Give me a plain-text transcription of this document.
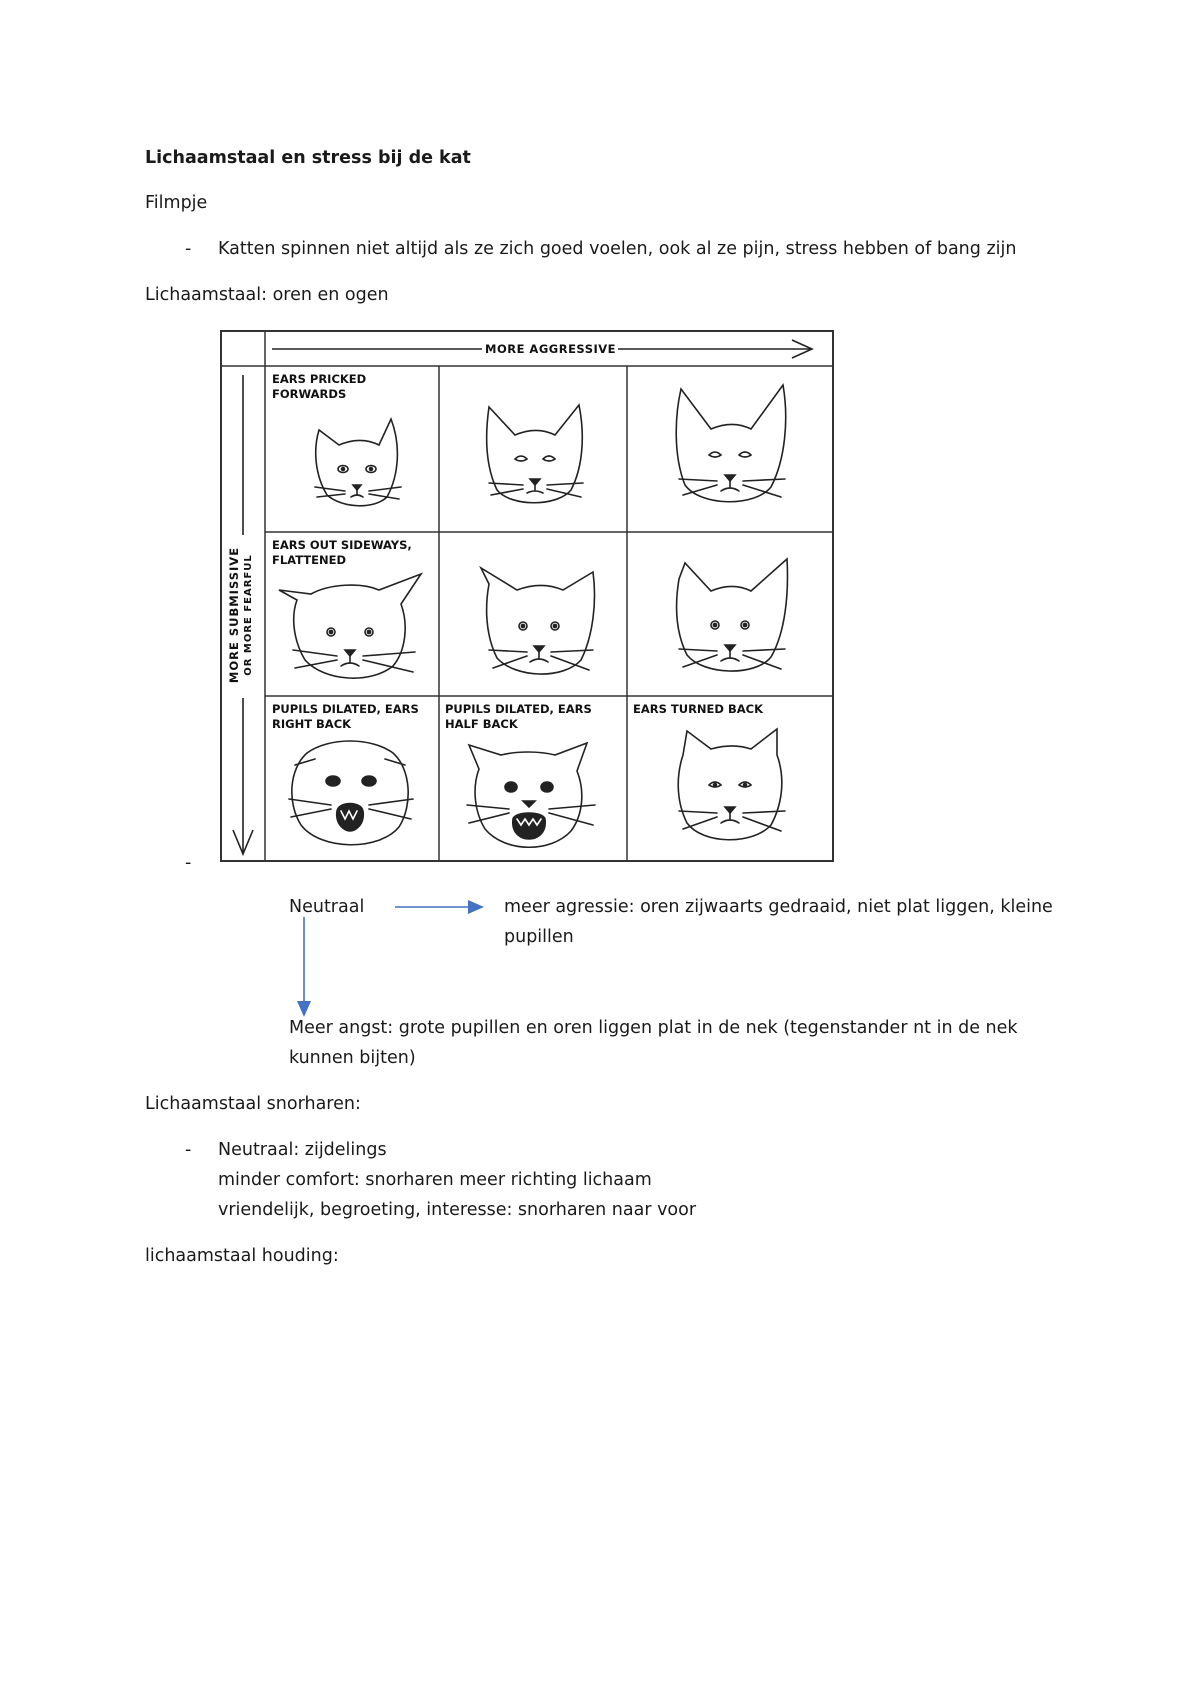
Lichaamstaal en stress bij de kat
Filmpje
- Katten spinnen niet altijd als ze zich goed voelen, ook al ze pijn, stress hebben of bang zijn
Lichaamstaal: oren en ogen
-
MORE AGGRESSIVE
MORE SUBMISSIVE OR MORE FEARFUL
EARS PRICKED
FORWARDS
EARS OUT SIDEWAYS,
FLATTENED
PUPILS DILATED, EARS
RIGHT BACK
PUPILS DILATED, EARS
HALF BACK
EARS TURNED BACK
Neutraal	meer agressie: oren zijwaarts gedraaid, niet plat liggen, kleine
pupillen
Meer angst: grote pupillen en oren liggen plat in de nek (tegenstander nt in de nek
kunnen bijten)
Lichaamstaal snorharen:
- Neutraal: zijdelings
minder comfort: snorharen meer richting lichaam
vriendelijk, begroeting, interesse: snorharen naar voor
lichaamstaal houding:
